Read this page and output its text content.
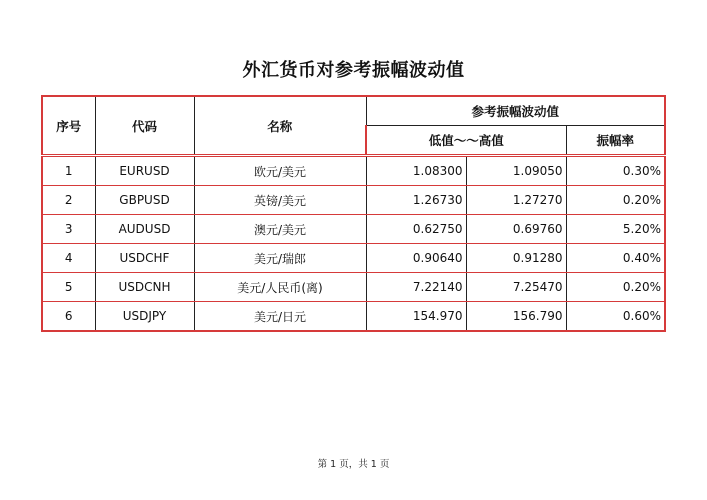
外汇货币对参考振幅波动值
序号	代码	名称	参考振幅波动值		
			低值～～高值		振幅率
1	EURUSD	欧元/美元	1.08300	1.09050	0.30%
2	GBPUSD	英镑/美元	1.26730	1.27270	0.20%
3	AUDUSD	澳元/美元	0.62750	0.69760	5.20%
4	USDCHF	美元/瑞郎	0.90640	0.91280	0.40%
5	USDCNH	美元/人民币(离)	7.22140	7.25470	0.20%
6	USDJPY	美元/日元	154.970	156.790	0.60%
第 1 页，共 1 页
